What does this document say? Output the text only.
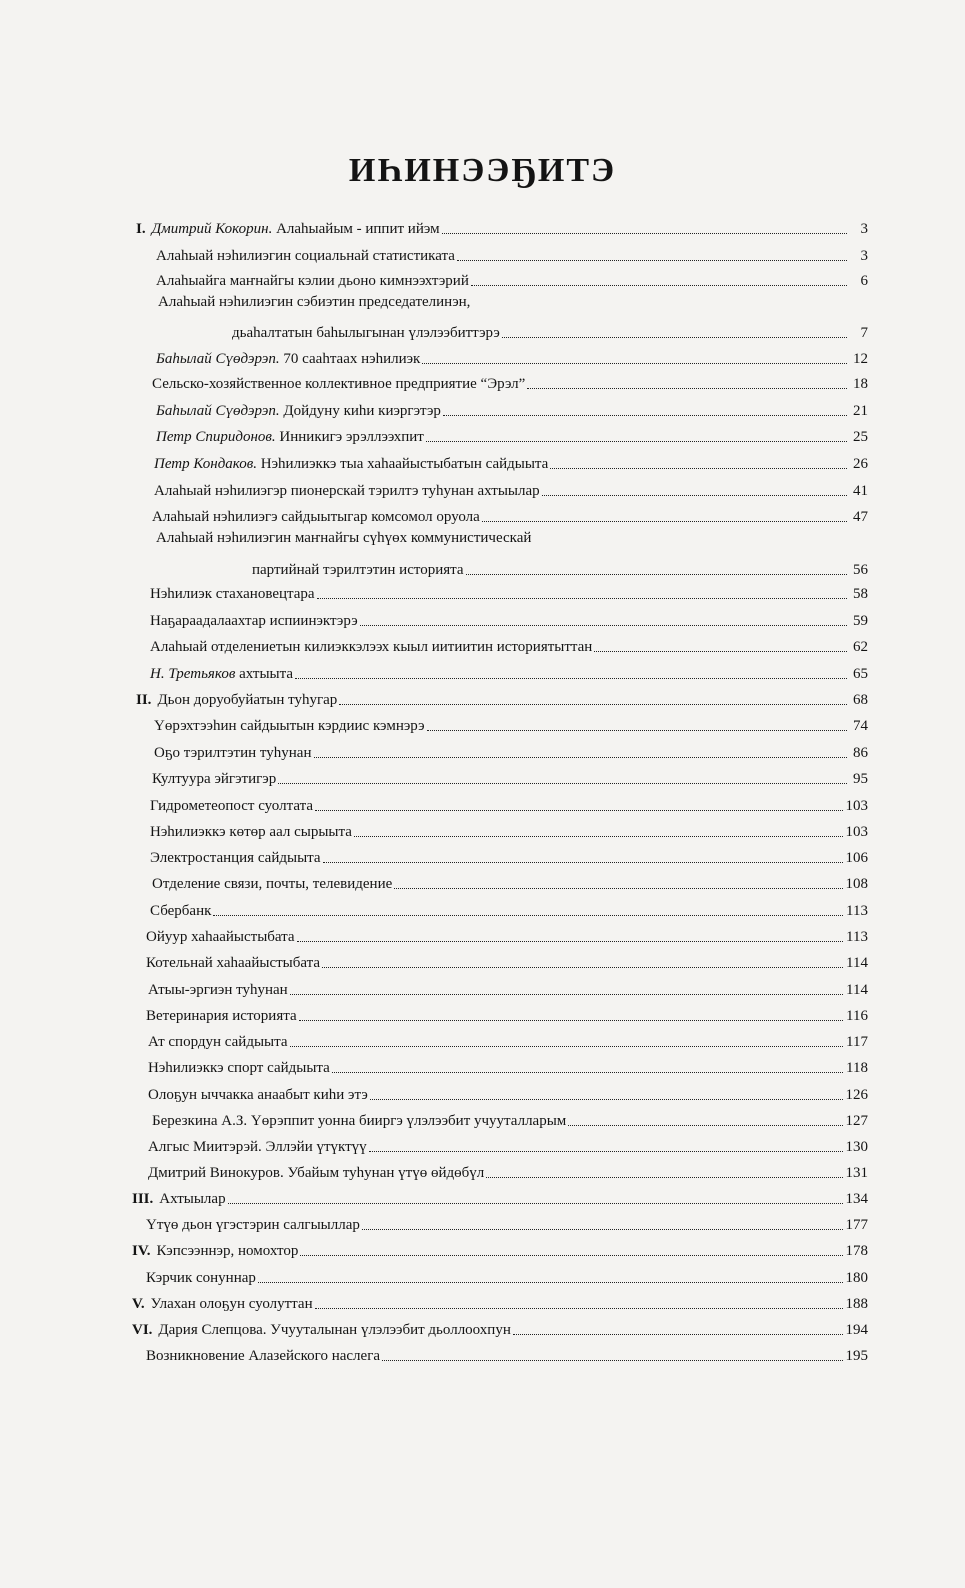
ИҺИНЭЭҔИТЭ
I. Дмитрий Кокорин. Алаһыайым - иппит ийэм	3
Алаһыай нэһилиэгин социальнай статистиката	3
Алаһыайга маҥнайгы кэлии дьоно кимнээхтэрий	6
Алаһыай нэһилиэгин сэбиэтин председателинэн,
дьаһалтатын баһылыгынан үлэлээбиттэрэ	7
Баһылай Сүөдэрэп. 70 сааһтаах нэһилиэк	12
Сельско-хозяйственное коллективное предприятие “Эрэл”	18
Баһылай Сүөдэрэп. Дойдуну киһи киэргэтэр	21
Петр Спиридонов. Инникигэ эрэллээхпит	25
Петр Кондаков. Нэһилиэккэ тыа хаһаайыстыбатын сайдыыта	26
Алаһыай нэһилиэгэр пионерскай тэрилтэ туһунан ахтыылар	41
Алаһыай нэһилиэгэ сайдыытыгар комсомол оруола	47
Алаһыай нэһилиэгин маҥнайгы сүһүөх коммунистическай
партийнай тэрилтэтин историята	56
Нэһилиэк стахановецтара	58
Наҕараадалаахтар испиинэктэрэ	59
Алаһыай отделениетын килиэккэлээх кыыл иитиитин историятыттан	62
Н. Третьяков ахтыыта	65
II. Дьон доруобуйатын туһугар	68
Үөрэхтээһин сайдыытын кэрдиис кэмнэрэ	74
Оҕо тэрилтэтин туһунан	86
Култуура эйгэтигэр	95
Гидрометеопост суолтата	103
Нэһилиэккэ көтөр аал сырыыта	103
Электростанция сайдыыта	106
Отделение связи, почты, телевидение	108
Сбербанк	113
Ойуур хаһаайыстыбата	113
Котельнай хаһаайыстыбата	114
Атыы-эргиэн туһунан	114
Ветеринария историята	116
Ат спордун сайдыыта	117
Нэһилиэккэ спорт сайдыыта	118
Олоҕун ыччакка анаабыт киһи этэ	126
Березкина А.З. Үөрэппит уонна бииргэ үлэлээбит учууталларым	127
Алгыс Миитэрэй. Эллэйи үтүктүү	130
Дмитрий Винокуров. Убайым туһунан үтүө өйдөбүл	131
III. Ахтыылар	134
Үтүө дьон үгэстэрин салгыыллар	177
IV. Кэпсээннэр, номохтор	178
Кэрчик сонуннар	180
V. Улахан олоҕун суолуттан	188
VI. Дария Слепцова. Учууталынан үлэлээбит дьоллоохпун	194
Возникновение Алазейского наслега	195
